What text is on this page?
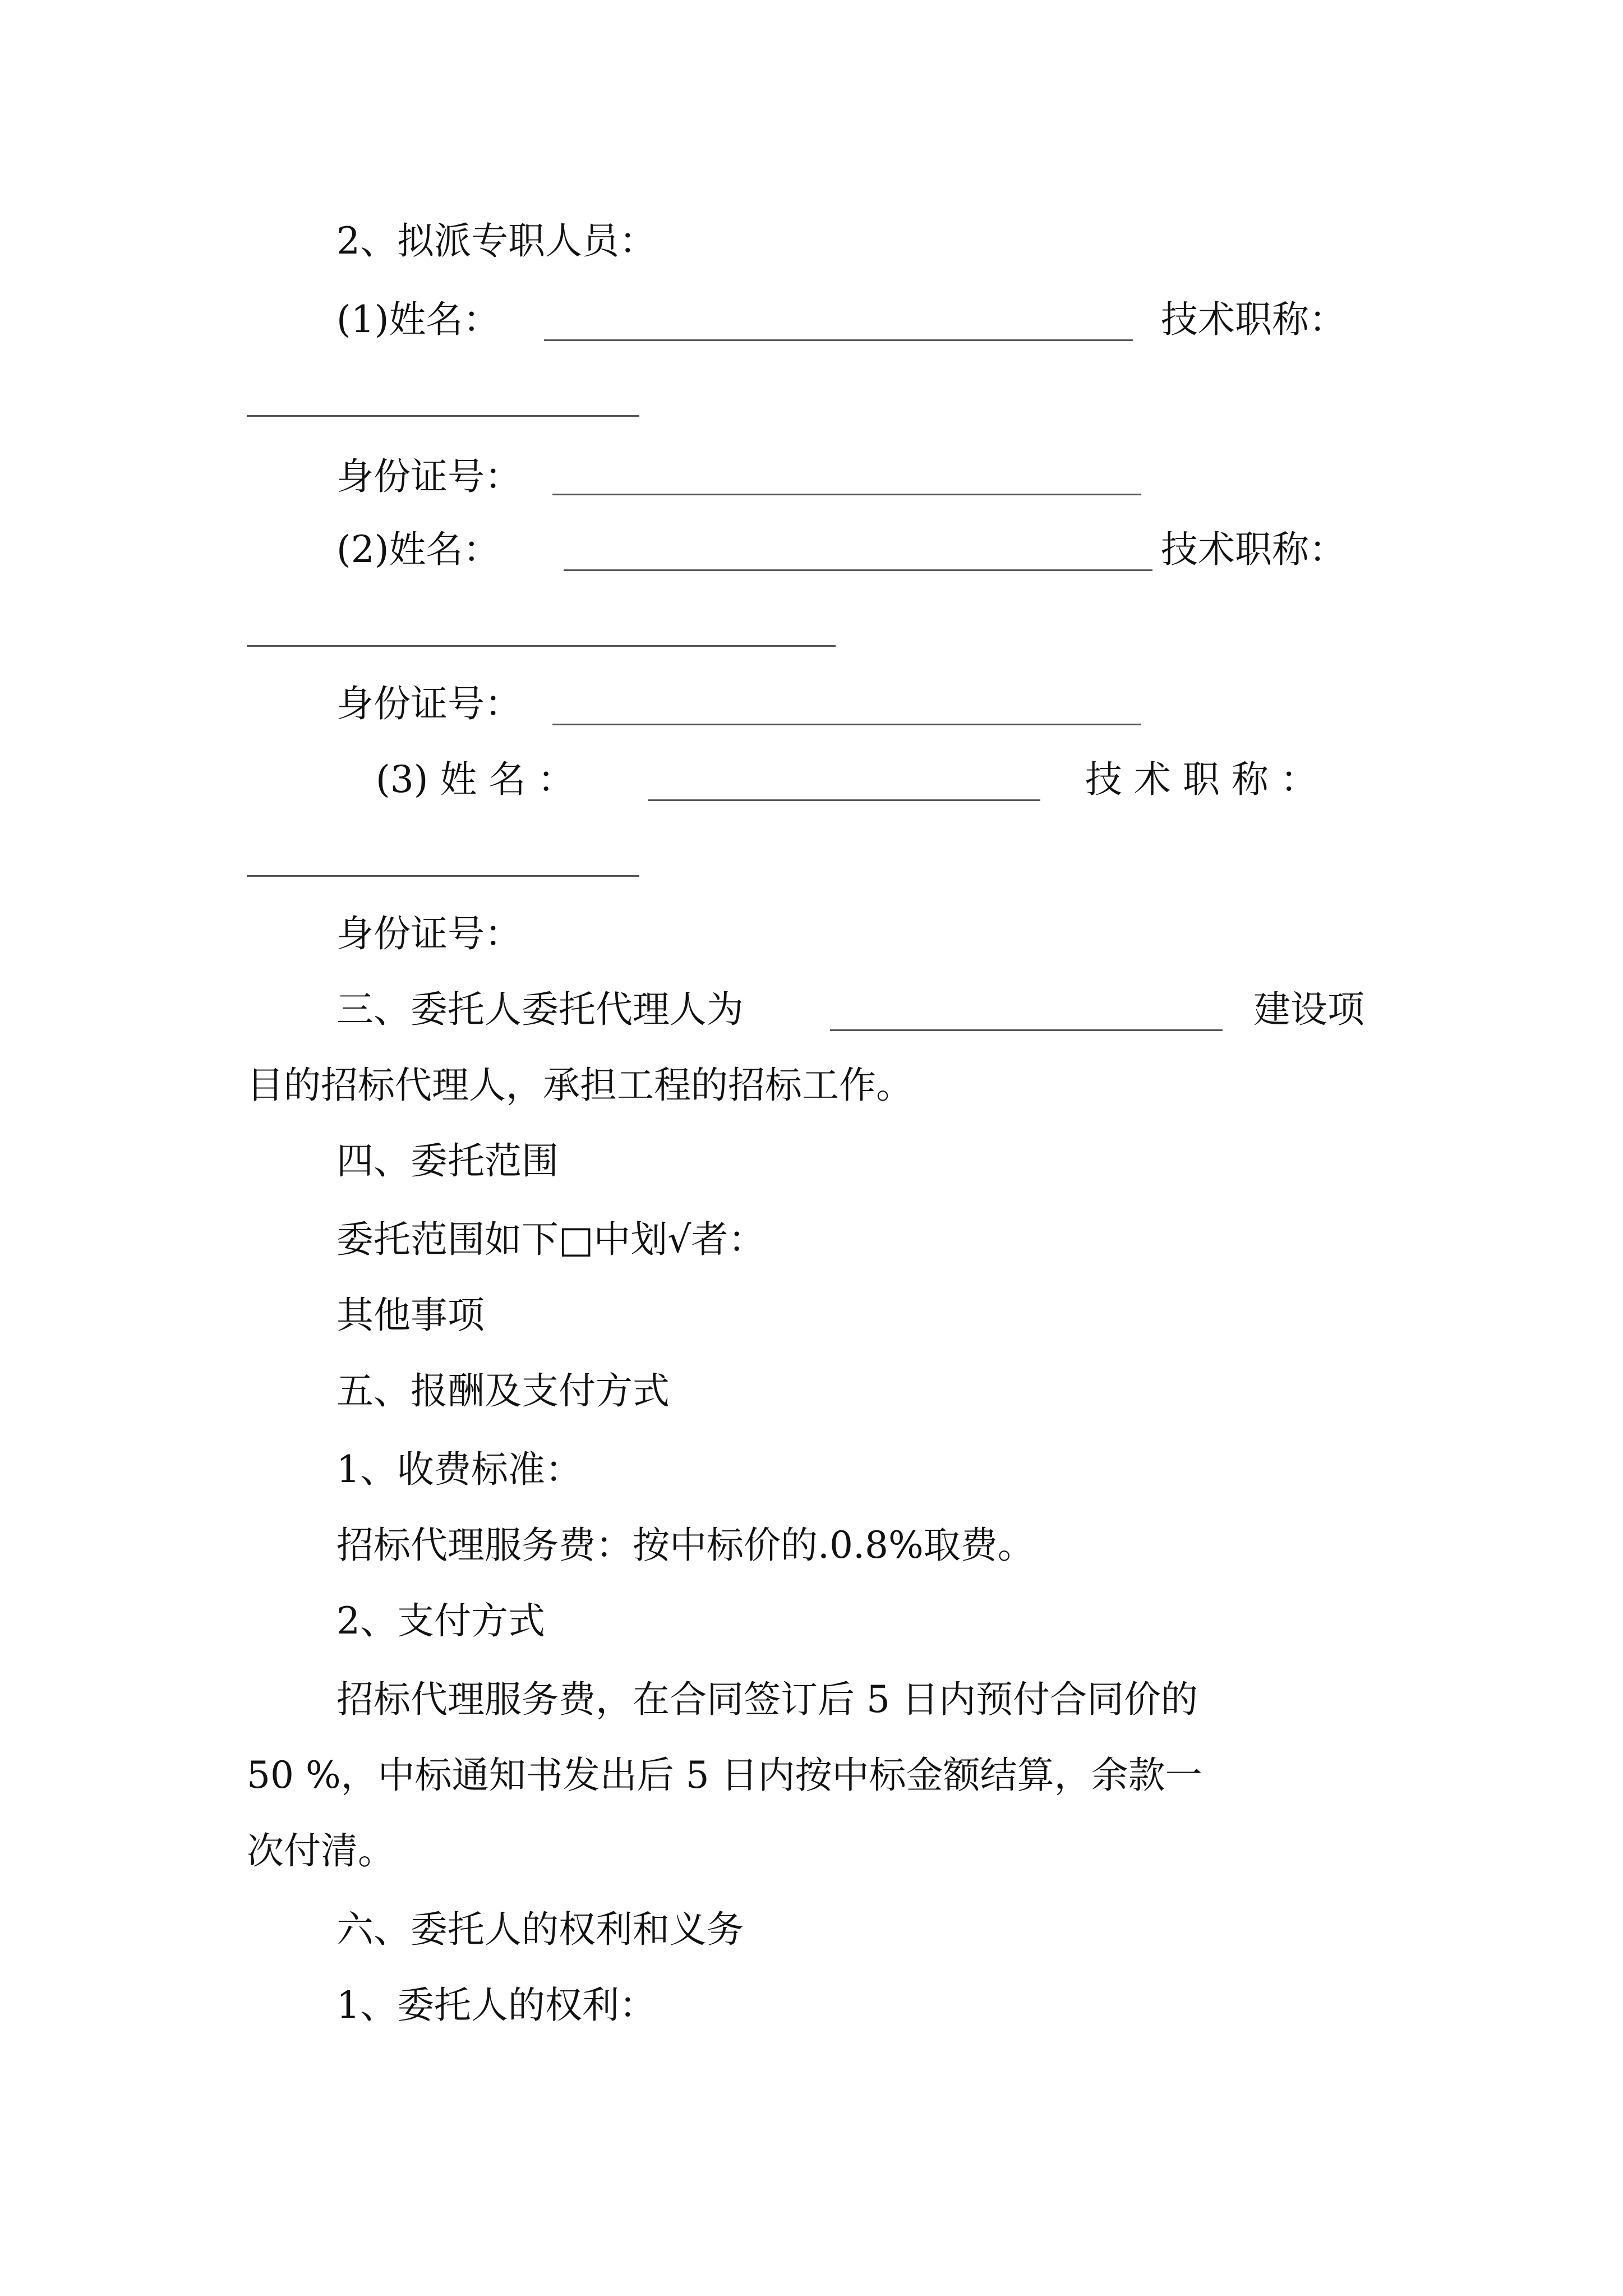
2、拟派专职人员：
(1)姓名：	技术职称：
身份证号：
(2)姓名：	技术职称：
身份证号：
(3) 姓 名 ：	技 术 职 称 ：
身份证号：
三、委托人委托代理人为	建设项
目的招标代理人，承担工程的招标工作。
四、委托范围
委托范围如下□中划√者：
其他事项
五、报酬及支付方式
1、收费标准：
招标代理服务费：按中标价的.0.8%取费。
2、支付方式
招标代理服务费，在合同签订后 5 日内预付合同价的
50 %，中标通知书发出后 5 日内按中标金额结算，余款一
次付清。
六、委托人的权利和义务
1、委托人的权利：
